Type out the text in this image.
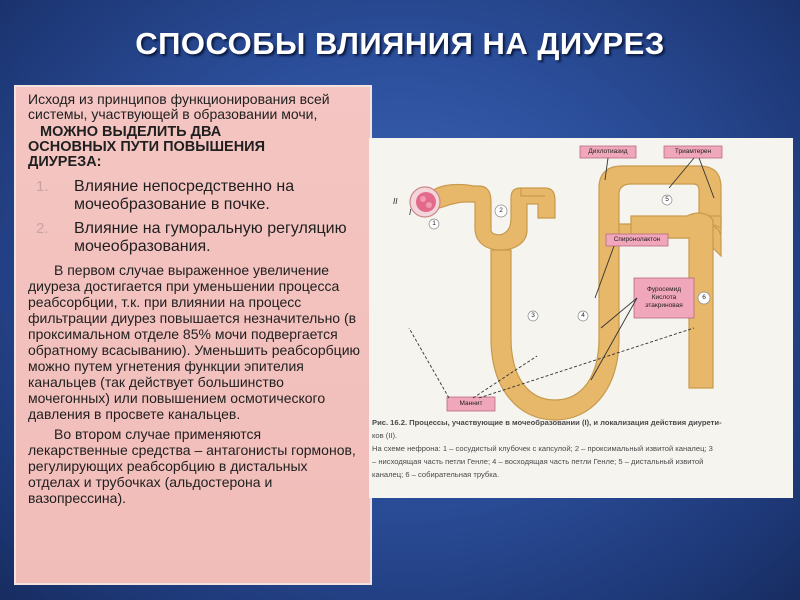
СПОСОБЫ ВЛИЯНИЯ НА ДИУРЕЗ

Исходя из принципов функционирования всей системы, участвующей в образовании мочи,

МОЖНО ВЫДЕЛИТЬ ДВА
ОСНОВНЫХ ПУТИ ПОВЫШЕНИЯ
ДИУРЕЗА:
1. Влияние непосредственно на мочеобразование в почке.
2. Влияние на гуморальную регуляцию мочеобразования.

В первом случае выраженное увеличение диуреза достигается при уменьшении процесса реабсорбции, т.к. при влиянии на процесс фильтрации диурез повышается незначительно (в проксимальном отделе 85% мочи подвергается обратному всасыванию). Уменьшить реабсорбцию можно путем угнетения функции эпителия канальцев (так действует большинство мочегонных) или повышением осмотического давления в просвете канальцев.

Во втором случае применяются лекарственные средства – антагонисты гормонов, регулирующих реабсорбцию в дистальных отделах и трубочках (альдостерона и вазопрессина).

Дихлотиазид	Триамтерен
Спиронолактон
Фуросемид Кислота этакриновая
Маннит
I
II
1
2
3	4
5
6
Рис. 16.2. Процессы, участвующие в мочеобразовании (I), и локализация действия диурети-
ков (II).
На схеме нефрона: 1 – сосудистый клубочек с капсулой; 2 – проксимальный извитой каналец; 3
– нисходящая часть петли Генле; 4 – восходящая часть петли Генле; 5 – дистальный извитой
каналец; 6 – собирательная трубка.
